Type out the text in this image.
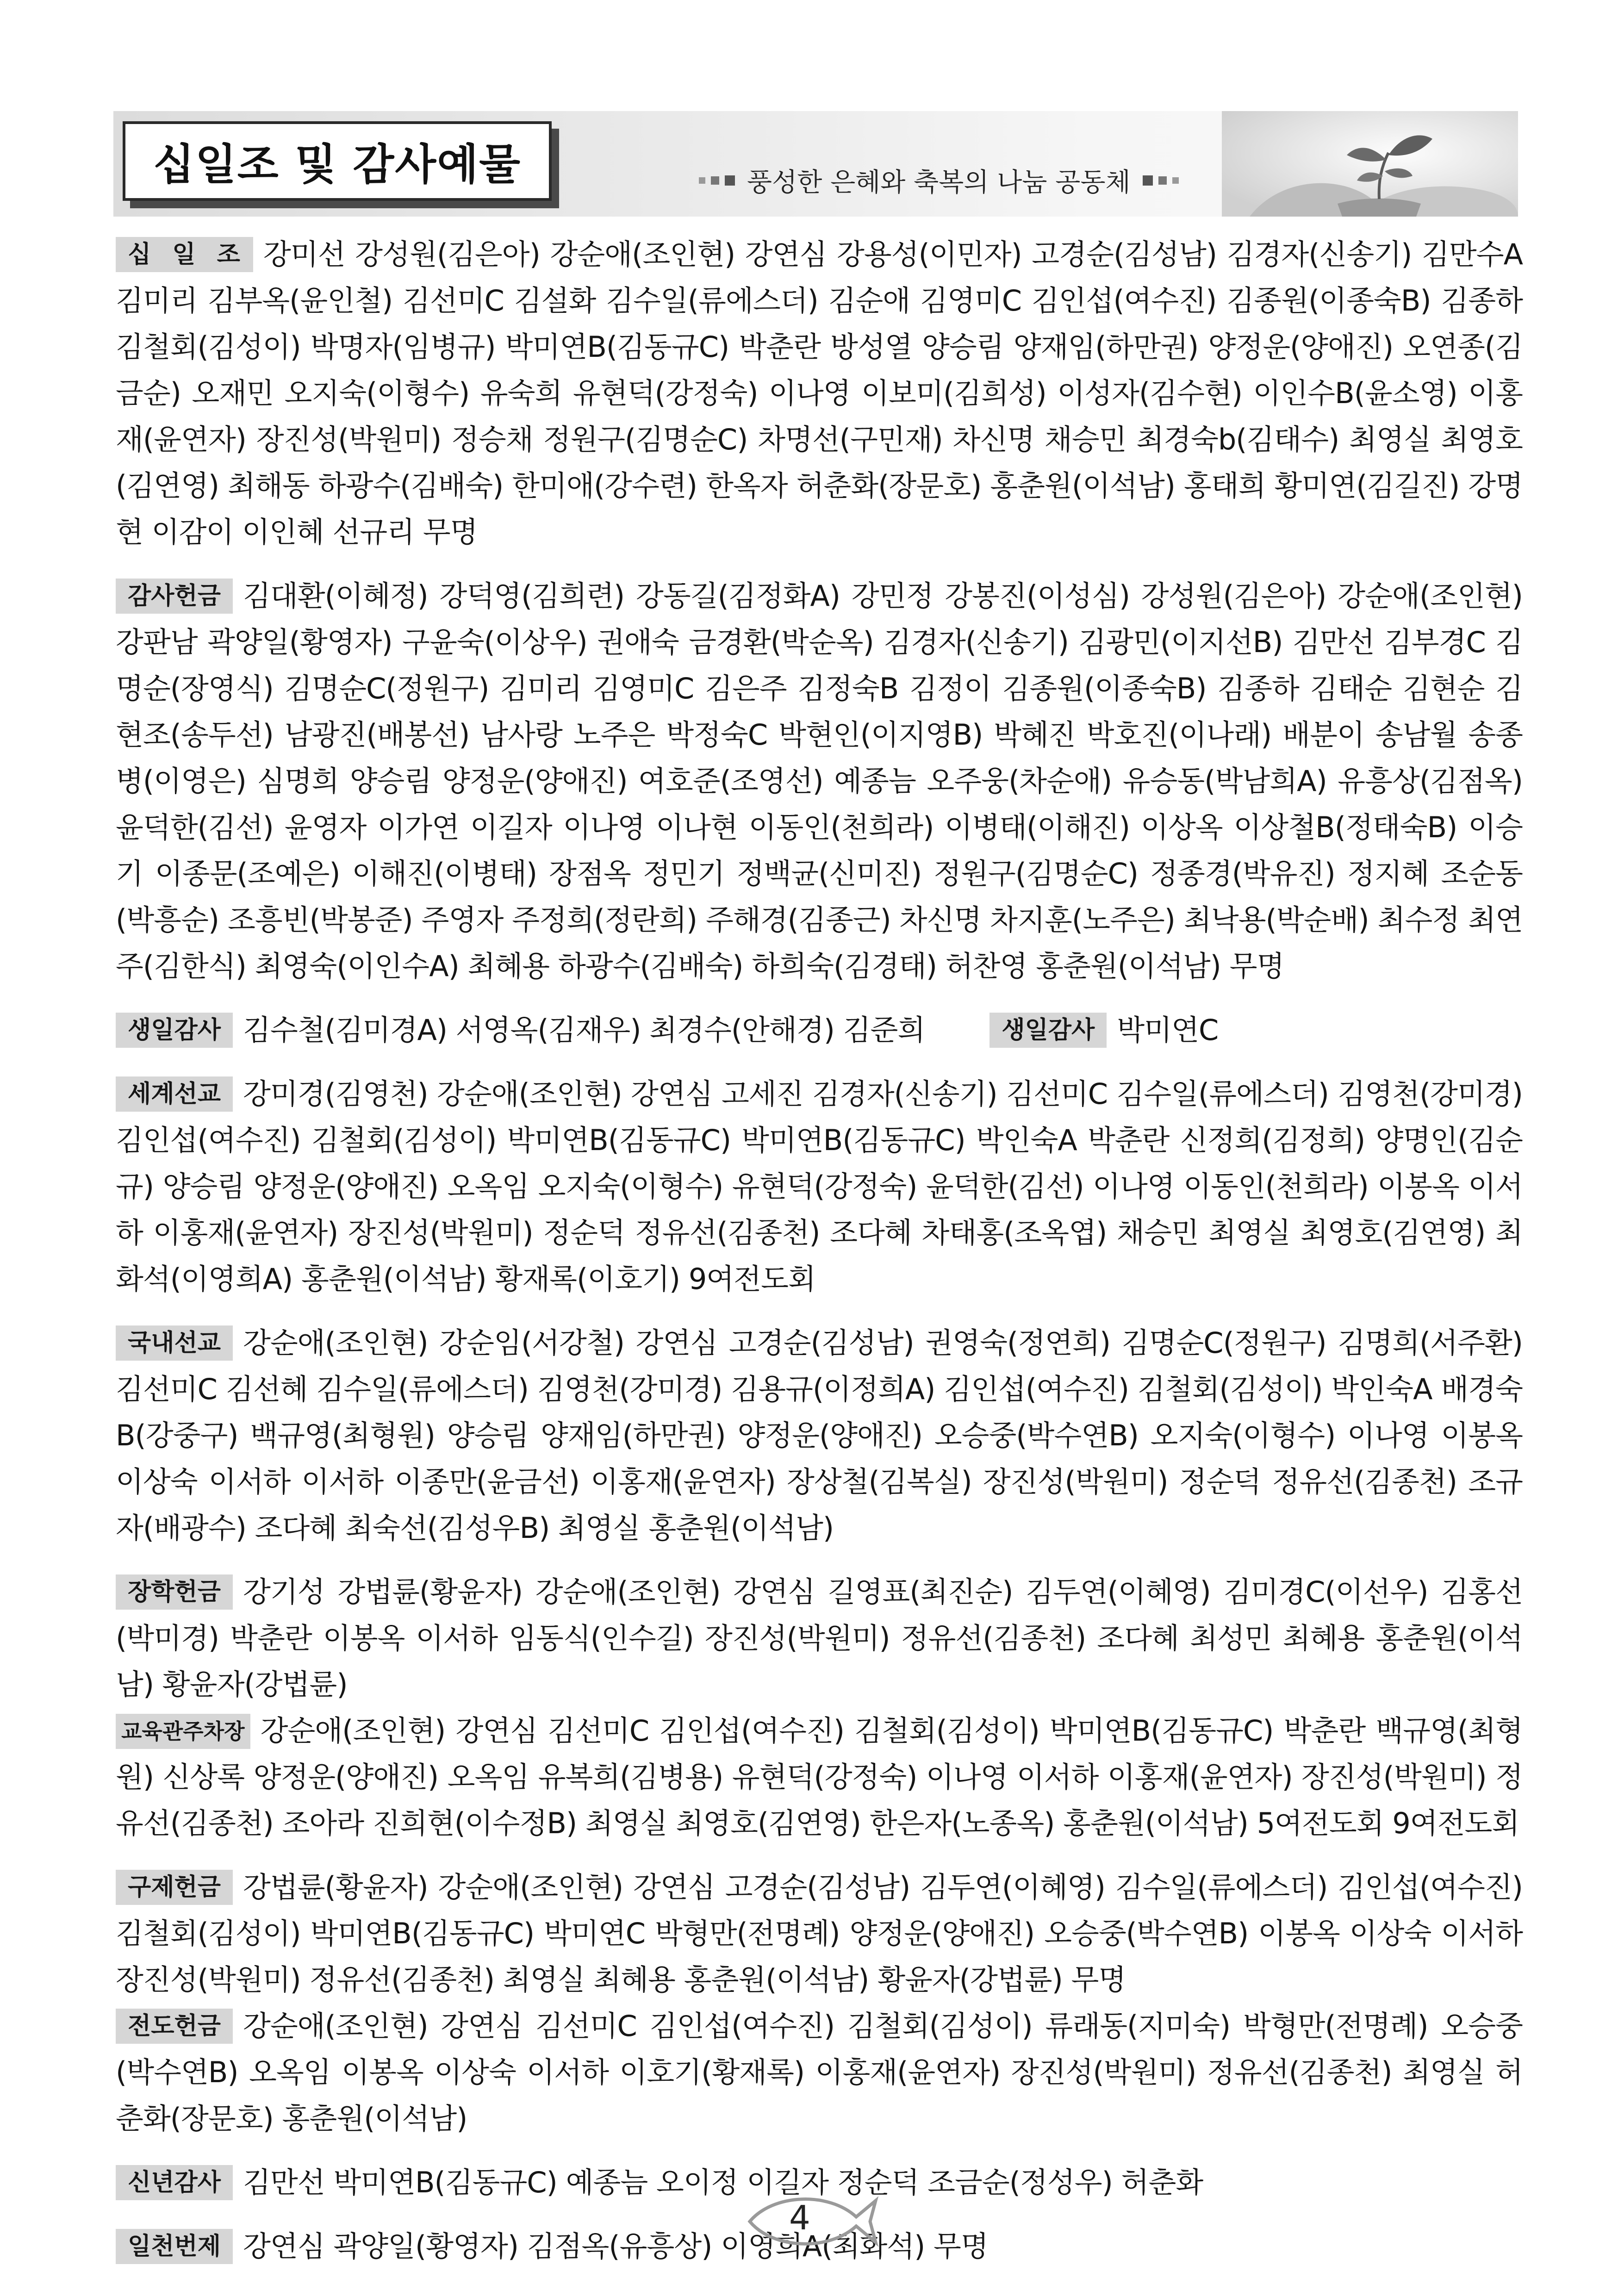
십일조 및 감사예물	풍성한 은혜와 축복의 나눔 공동체
십 일 조 강미선 강성원(김은아) 강순애(조인현) 강연심 강용성(이민자) 고경순(김성남) 김경자(신송기) 김만수A 김미리 김부옥(윤인철) 김선미C 김설화 김수일(류에스더) 김순애 김영미C 김인섭(여수진) 김종원(이종숙B) 김종하 김철회(김성이) 박명자(임병규) 박미연B(김동규C) 박춘란 방성열 양승림 양재임(하만권) 양정운(양애진) 오연종(김금순) 오재민 오지숙(이형수) 유숙희 유현덕(강정숙) 이나영 이보미(김희성) 이성자(김수현) 이인수B(윤소영) 이홍재(윤연자) 장진성(박원미) 정승채 정원구(김명순C) 차명선(구민재) 차신명 채승민 최경숙b(김태수) 최영실 최영호(김연영) 최해동 하광수(김배숙) 한미애(강수련) 한옥자 허춘화(장문호) 홍춘원(이석남) 홍태희 황미연(김길진) 강명현 이감이 이인혜 선규리 무명
감사헌금 김대환(이혜정) 강덕영(김희련) 강동길(김정화A) 강민정 강봉진(이성심) 강성원(김은아) 강순애(조인현) 강판남 곽양일(황영자) 구윤숙(이상우) 권애숙 금경환(박순옥) 김경자(신송기) 김광민(이지선B) 김만선 김부경C 김명순(장영식) 김명순C(정원구) 김미리 김영미C 김은주 김정숙B 김정이 김종원(이종숙B) 김종하 김태순 김현순 김현조(송두선) 남광진(배봉선) 남사랑 노주은 박정숙C 박현인(이지영B) 박혜진 박호진(이나래) 배분이 송남월 송종병(이영은) 심명희 양승림 양정운(양애진) 여호준(조영선) 예종늠 오주웅(차순애) 유승동(박남희A) 유흥상(김점옥) 윤덕한(김선) 윤영자 이가연 이길자 이나영 이나현 이동인(천희라) 이병태(이해진) 이상옥 이상철B(정태숙B) 이승기 이종문(조예은) 이해진(이병태) 장점옥 정민기 정백균(신미진) 정원구(김명순C) 정종경(박유진) 정지혜 조순동(박흥순) 조흥빈(박봉준) 주영자 주정희(정란희) 주해경(김종근) 차신명 차지훈(노주은) 최낙용(박순배) 최수정 최연주(김한식) 최영숙(이인수A) 최혜용 하광수(김배숙) 하희숙(김경태) 허찬영 홍춘원(이석남) 무명
생일감사 김수철(김미경A) 서영옥(김재우) 최경수(안해경) 김준희	생일감사 박미연C
세계선교 강미경(김영천) 강순애(조인현) 강연심 고세진 김경자(신송기) 김선미C 김수일(류에스더) 김영천(강미경) 김인섭(여수진) 김철회(김성이) 박미연B(김동규C) 박미연B(김동규C) 박인숙A 박춘란 신정희(김정희) 양명인(김순규) 양승림 양정운(양애진) 오옥임 오지숙(이형수) 유현덕(강정숙) 윤덕한(김선) 이나영 이동인(천희라) 이봉옥 이서하 이홍재(윤연자) 장진성(박원미) 정순덕 정유선(김종천) 조다혜 차태홍(조옥엽) 채승민 최영실 최영호(김연영) 최화석(이영희A) 홍춘원(이석남) 황재록(이호기) 9여전도회
국내선교 강순애(조인현) 강순임(서강철) 강연심 고경순(김성남) 권영숙(정연희) 김명순C(정원구) 김명희(서주환) 김선미C 김선혜 김수일(류에스더) 김영천(강미경) 김용규(이정희A) 김인섭(여수진) 김철회(김성이) 박인숙A 배경숙B(강중구) 백규영(최형원) 양승림 양재임(하만권) 양정운(양애진) 오승중(박수연B) 오지숙(이형수) 이나영 이봉옥 이상숙 이서하 이서하 이종만(윤금선) 이홍재(윤연자) 장상철(김복실) 장진성(박원미) 정순덕 정유선(김종천) 조규자(배광수) 조다혜 최숙선(김성우B) 최영실 홍춘원(이석남)
장학헌금 강기성 강법륜(황윤자) 강순애(조인현) 강연심 길영표(최진순) 김두연(이혜영) 김미경C(이선우) 김홍선(박미경) 박춘란 이봉옥 이서하 임동식(인수길) 장진성(박원미) 정유선(김종천) 조다혜 최성민 최혜용 홍춘원(이석남) 황윤자(강법륜)
교육관주차장 강순애(조인현) 강연심 김선미C 김인섭(여수진) 김철회(김성이) 박미연B(김동규C) 박춘란 백규영(최형원) 신상록 양정운(양애진) 오옥임 유복희(김병용) 유현덕(강정숙) 이나영 이서하 이홍재(윤연자) 장진성(박원미) 정유선(김종천) 조아라 진희현(이수정B) 최영실 최영호(김연영) 한은자(노종옥) 홍춘원(이석남) 5여전도회 9여전도회
구제헌금 강법륜(황윤자) 강순애(조인현) 강연심 고경순(김성남) 김두연(이혜영) 김수일(류에스더) 김인섭(여수진) 김철회(김성이) 박미연B(김동규C) 박미연C 박형만(전명례) 양정운(양애진) 오승중(박수연B) 이봉옥 이상숙 이서하 장진성(박원미) 정유선(김종천) 최영실 최혜용 홍춘원(이석남) 황윤자(강법륜) 무명
전도헌금 강순애(조인현) 강연심 김선미C 김인섭(여수진) 김철회(김성이) 류래동(지미숙) 박형만(전명례) 오승중(박수연B) 오옥임 이봉옥 이상숙 이서하 이호기(황재록) 이홍재(윤연자) 장진성(박원미) 정유선(김종천) 최영실 허춘화(장문호) 홍춘원(이석남)
신년감사 김만선 박미연B(김동규C) 예종늠 오이정 이길자 정순덕 조금순(정성우) 허춘화
일천번제 강연심 곽양일(황영자) 김점옥(유흥상) 이영희A(최화석) 무명
4
